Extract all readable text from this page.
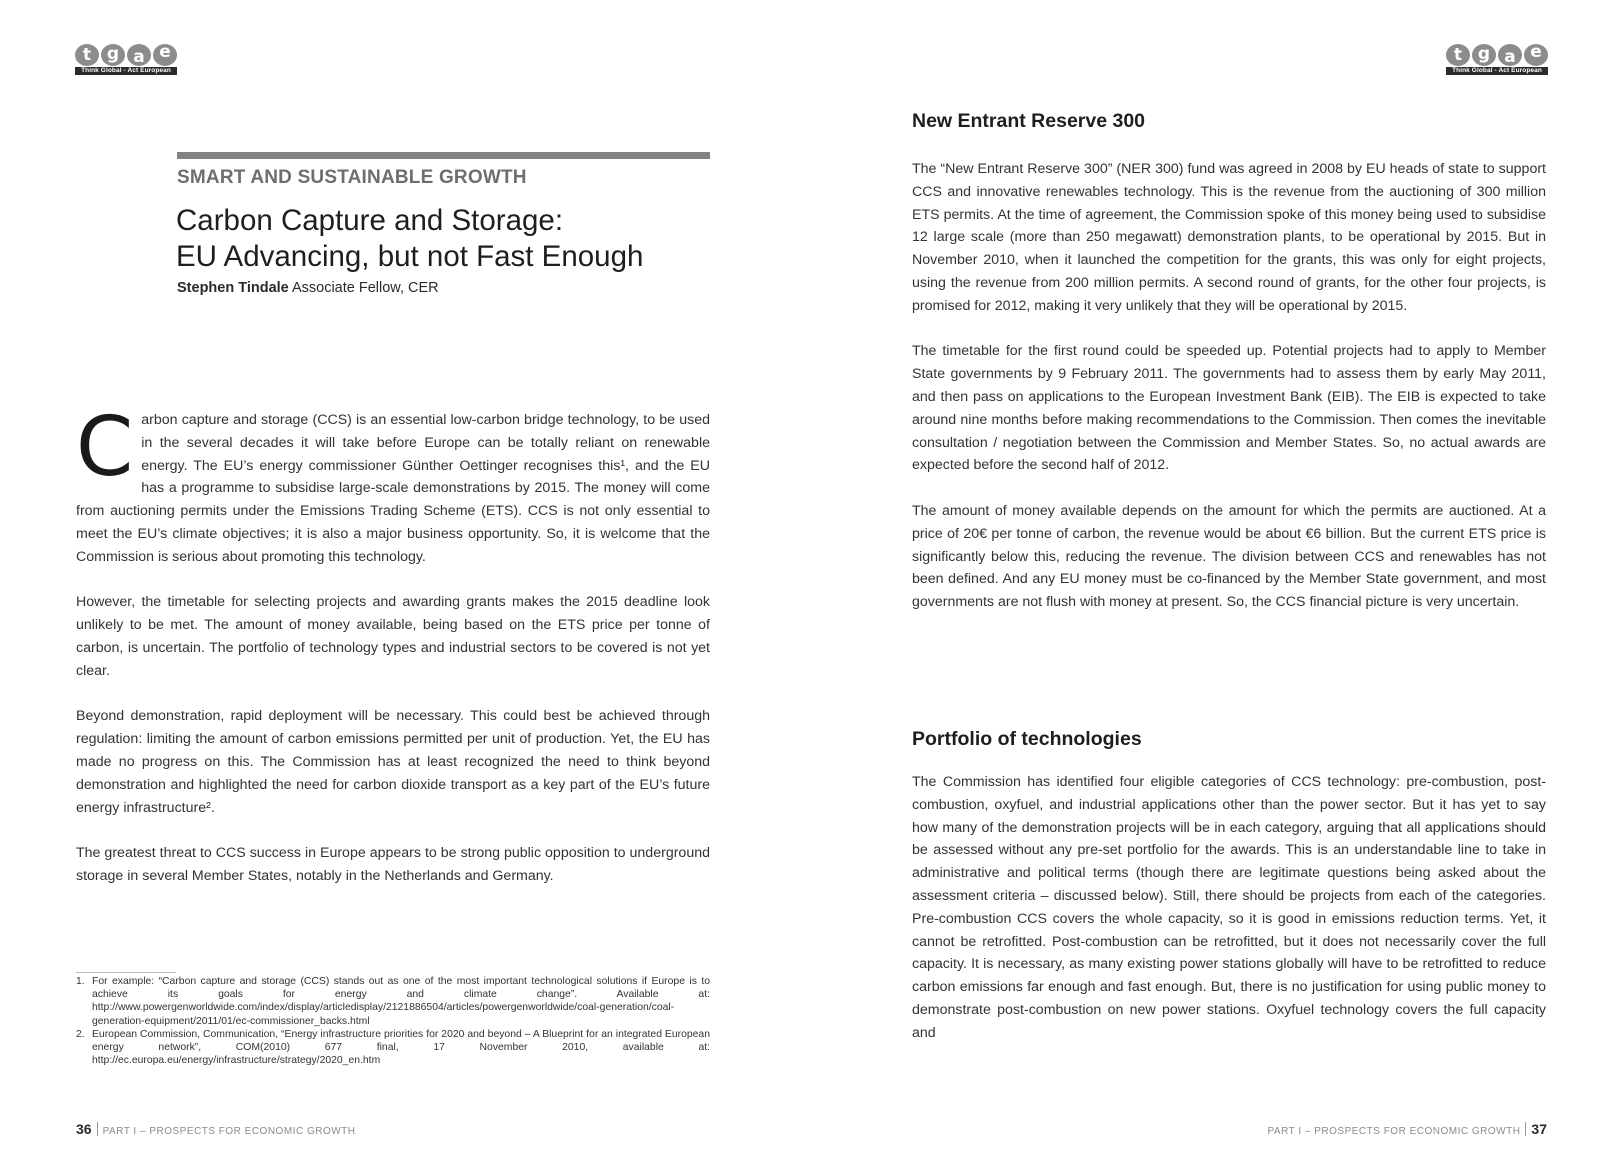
t g a e
Think Global - Act European
t g a e
Think Global - Act European
SMART AND SUSTAINABLE GROWTH
Carbon Capture and Storage:
EU Advancing, but not Fast Enough
Stephen Tindale Associate Fellow, CER

Carbon capture and storage (CCS) is an essential low-carbon bridge technology, to be used in the several decades it will take before Europe can be totally reliant on renewable energy. The EU’s energy commissioner Günther Oettinger recognises this¹, and the EU has a programme to subsidise large-scale demonstrations by 2015. The money will come from auctioning permits under the Emissions Trading Scheme (ETS). CCS is not only essential to meet the EU’s climate objectives; it is also a major business opportunity. So, it is welcome that the Commission is serious about promoting this technology.

However, the timetable for selecting projects and awarding grants makes the 2015 deadline look unlikely to be met. The amount of money available, being based on the ETS price per tonne of carbon, is uncertain. The portfolio of technology types and industrial sectors to be covered is not yet clear.

Beyond demonstration, rapid deployment will be necessary. This could best be achieved through regulation: limiting the amount of carbon emissions permitted per unit of production. Yet, the EU has made no progress on this. The Commission has at least recognized the need to think beyond demonstration and highlighted the need for carbon dioxide transport as a key part of the EU’s future energy infrastructure².

The greatest threat to CCS success in Europe appears to be strong public opposition to underground storage in several Member States, notably in the Netherlands and Germany.

1. For example: “Carbon capture and storage (CCS) stands out as one of the most important technological solutions if Europe is to achieve its goals for energy and climate change”. Available at: http://www.powergenworldwide.com/index/display/articledisplay/2121886504/articles/powergenworldwide/coal-generation/coal-generation-equipment/2011/01/ec-commissioner_backs.html
2. European Commission, Communication, “Energy infrastructure priorities for 2020 and beyond – A Blueprint for an integrated European energy network”, COM(2010) 677 final, 17 November 2010, available at: http://ec.europa.eu/energy/infrastructure/strategy/2020_en.htm
New Entrant Reserve 300

The “New Entrant Reserve 300” (NER 300) fund was agreed in 2008 by EU heads of state to support CCS and innovative renewables technology. This is the revenue from the auctioning of 300 million ETS permits. At the time of agreement, the Commission spoke of this money being used to subsidise 12 large scale (more than 250 megawatt) demonstration plants, to be operational by 2015. But in November 2010, when it launched the competition for the grants, this was only for eight projects, using the revenue from 200 million permits. A second round of grants, for the other four projects, is promised for 2012, making it very unlikely that they will be operational by 2015.

The timetable for the first round could be speeded up. Potential projects had to apply to Member State governments by 9 February 2011. The governments had to assess them by early May 2011, and then pass on applications to the European Investment Bank (EIB). The EIB is expected to take around nine months before making recommendations to the Commission. Then comes the inevitable consultation / negotiation between the Commission and Member States. So, no actual awards are expected before the second half of 2012.

The amount of money available depends on the amount for which the permits are auctioned. At a price of 20€ per tonne of carbon, the revenue would be about €6 billion. But the current ETS price is significantly below this, reducing the revenue. The division between CCS and renewables has not been defined. And any EU money must be co-financed by the Member State government, and most governments are not flush with money at present. So, the CCS financial picture is very uncertain.

Portfolio of technologies

The Commission has identified four eligible categories of CCS technology: pre-combustion, post-combustion, oxyfuel, and industrial applications other than the power sector. But it has yet to say how many of the demonstration projects will be in each category, arguing that all applications should be assessed without any pre-set portfolio for the awards. This is an understandable line to take in administrative and political terms (though there are legitimate questions being asked about the assessment criteria – discussed below). Still, there should be projects from each of the categories. Pre-combustion CCS covers the whole capacity, so it is good in emissions reduction terms. Yet, it cannot be retrofitted. Post-combustion can be retrofitted, but it does not necessarily cover the full capacity. It is necessary, as many existing power stations globally will have to be retrofitted to reduce carbon emissions far enough and fast enough. But, there is no justification for using public money to demonstrate post-combustion on new power stations. Oxyfuel technology covers the full capacity and

36 PART I – PROSPECTS FOR ECONOMIC GROWTH	PART I – PROSPECTS FOR ECONOMIC GROWTH 37
